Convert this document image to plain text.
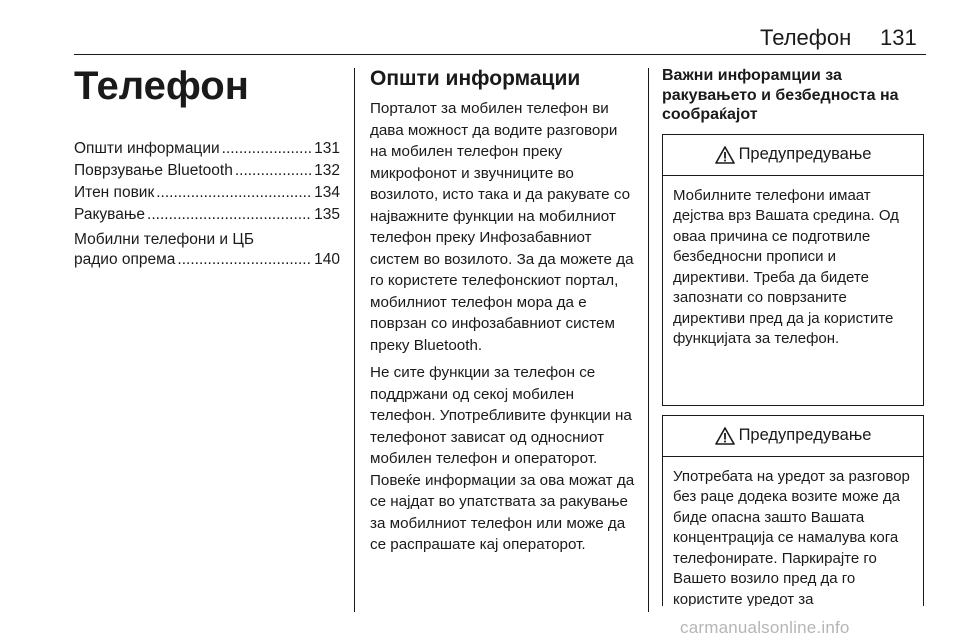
Телефон 131
Телефон
Општи информации .....	131
Поврзување Bluetooth .....	132
Итен повик .....	134
Ракување .....	135
Мобилни телефони и ЦБ
радио опрема .....	140
Општи информации

Порталот за мобилен телефон ви дава можност да водите разговори на мобилен телефон преку микрофонот и звучниците во возилото, исто така и да ракувате со најважните функции на мобилниот телефон преку Инфозабавниот систем во возилото. За да можете да го користете телефонскиот портал, мобилниот телефон мора да е поврзан со инфозабавниот систем преку Bluetooth.

Не сите функции за телефон се поддржани од секој мобилен телефон. Употребливите функции на телефонот зависат од односниот мобилен телефон и операторот. Повеќе информации за ова можат да се најдат во упатствата за ракување за мобилниот телефон или може да се распрашате кај операторот.

Важни инфорамции за ракувањето и безбедноста на сообраќајот
Предупредување
Мобилните телефони имаат дејства врз Вашата средина. Од оваа причина се подготвиле безбедносни прописи и директиви. Треба да бидете запознати со поврзаните директиви пред да ја користите функцијата за телефон.
Предупредување
Употребата на уредот за разговор без раце додека возите може да биде опасна зашто Вашата концентрација се намалува кога телефонирате. Паркирајте го Вашето возило пред да го користите уредот за
carmanualsonline.info
